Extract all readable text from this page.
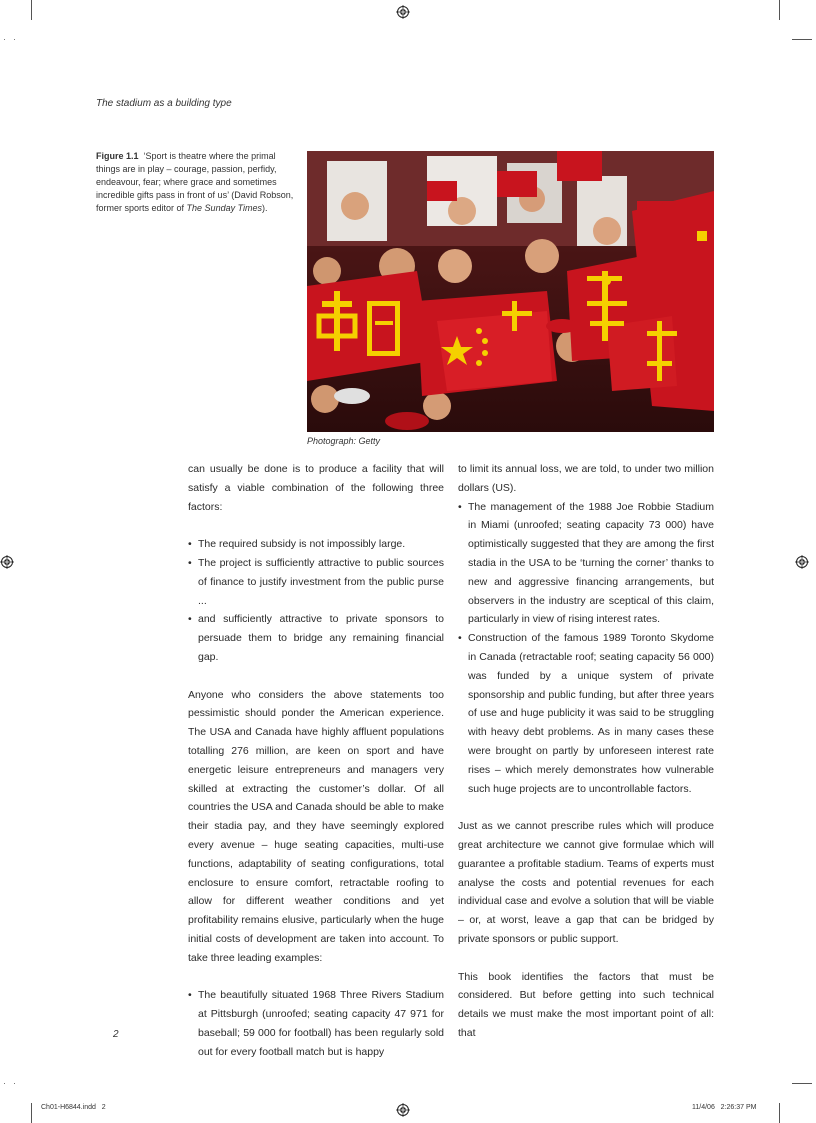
The stadium as a building type
Figure 1.1 ‘Sport is theatre where the primal things are in play – courage, passion, perfidy, endeavour, fear; where grace and sometimes incredible gifts pass in front of us’ (David Robson, former sports editor of The Sunday Times).
Photograph: Getty

can usually be done is to produce a facility that will satisfy a viable combination of the following three factors:

• The required subsidy is not impossibly large.
• The project is sufficiently attractive to public sources of finance to justify investment from the public purse ...
• and sufficiently attractive to private sponsors to persuade them to bridge any remaining financial gap.

Anyone who considers the above statements too pessimistic should ponder the American experience. The USA and Canada have highly affluent populations totalling 276 million, are keen on sport and have energetic leisure entrepreneurs and managers very skilled at extracting the customer’s dollar. Of all countries the USA and Canada should be able to make their stadia pay, and they have seemingly explored every avenue – huge seating capacities, multi-use functions, adaptability of seating configurations, total enclosure to ensure comfort, retractable roofing to allow for different weather conditions and yet profitability remains elusive, particularly when the huge initial costs of development are taken into account. To take three leading examples:

• The beautifully situated 1968 Three Rivers Stadium at Pittsburgh (unroofed; seating capacity 47 971 for baseball; 59 000 for football) has been regularly sold out for every football match but is happy

to limit its annual loss, we are told, to under two million dollars (US).

• The management of the 1988 Joe Robbie Stadium in Miami (unroofed; seating capacity 73 000) have optimistically suggested that they are among the first stadia in the USA to be ‘turning the corner’ thanks to new and aggressive financing arrangements, but observers in the industry are sceptical of this claim, particularly in view of rising interest rates.
• Construction of the famous 1989 Toronto Skydome in Canada (retractable roof; seating capacity 56 000) was funded by a unique system of private sponsorship and public funding, but after three years of use and huge publicity it was said to be struggling with heavy debt problems. As in many cases these were brought on partly by unforeseen interest rate rises – which merely demonstrates how vulnerable such huge projects are to uncontrollable factors.

Just as we cannot prescribe rules which will produce great architecture we cannot give formulae which will guarantee a profitable stadium. Teams of experts must analyse the costs and potential revenues for each individual case and evolve a solution that will be viable – or, at worst, leave a gap that can be bridged by private sponsors or public support.

This book identifies the factors that must be considered. But before getting into such technical details we must make the most important point of all: that

2
Ch01-H6844.indd   2	11/4/06   2:26:37 PM
